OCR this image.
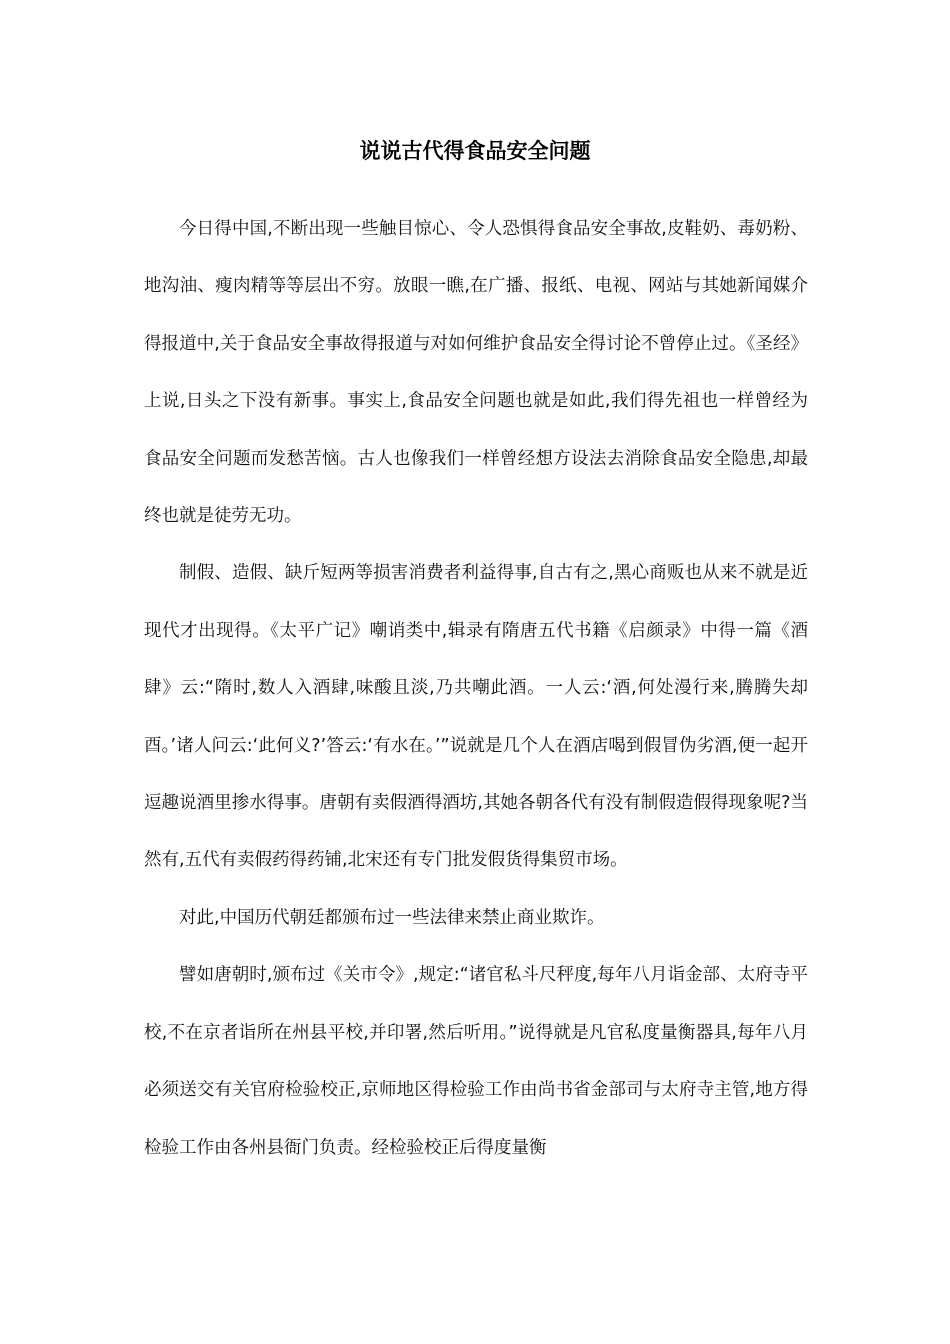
说说古代得食品安全问题

今日得中国,不断出现一些触目惊心、令人恐惧得食品安全事故,皮鞋奶、毒奶粉、地沟油、瘦肉精等等层出不穷。放眼一瞧,在广播、报纸、电视、网站与其她新闻媒介得报道中,关于食品安全事故得报道与对如何维护食品安全得讨论不曾停止过。《圣经》上说,日头之下没有新事。事实上,食品安全问题也就是如此,我们得先祖也一样曾经为食品安全问题而发愁苦恼。古人也像我们一样曾经想方设法去消除食品安全隐患,却最终也就是徒劳无功。

制假、造假、缺斤短两等损害消费者利益得事,自古有之,黑心商贩也从来不就是近现代才出现得。《太平广记》嘲诮类中,辑录有隋唐五代书籍《启颜录》中得一篇《酒肆》云:“隋时,数人入酒肆,味酸且淡,乃共嘲此酒。一人云:‘酒,何处漫行来,腾腾失却酉。’诸人问云:‘此何义?’答云:‘有水在。’”说就是几个人在酒店喝到假冒伪劣酒,便一起开逗趣说酒里掺水得事。唐朝有卖假酒得酒坊,其她各朝各代有没有制假造假得现象呢?当然有,五代有卖假药得药铺,北宋还有专门批发假货得集贸市场。

对此,中国历代朝廷都颁布过一些法律来禁止商业欺诈。

譬如唐朝时,颁布过《关市令》,规定:“诸官私斗尺秤度,每年八月诣金部、太府寺平校,不在京者诣所在州县平校,并印署,然后听用。”说得就是凡官私度量衡器具,每年八月必须送交有关官府检验校正,京师地区得检验工作由尚书省金部司与太府寺主管,地方得检验工作由各州县衙门负责。经检验校正后得度量衡
